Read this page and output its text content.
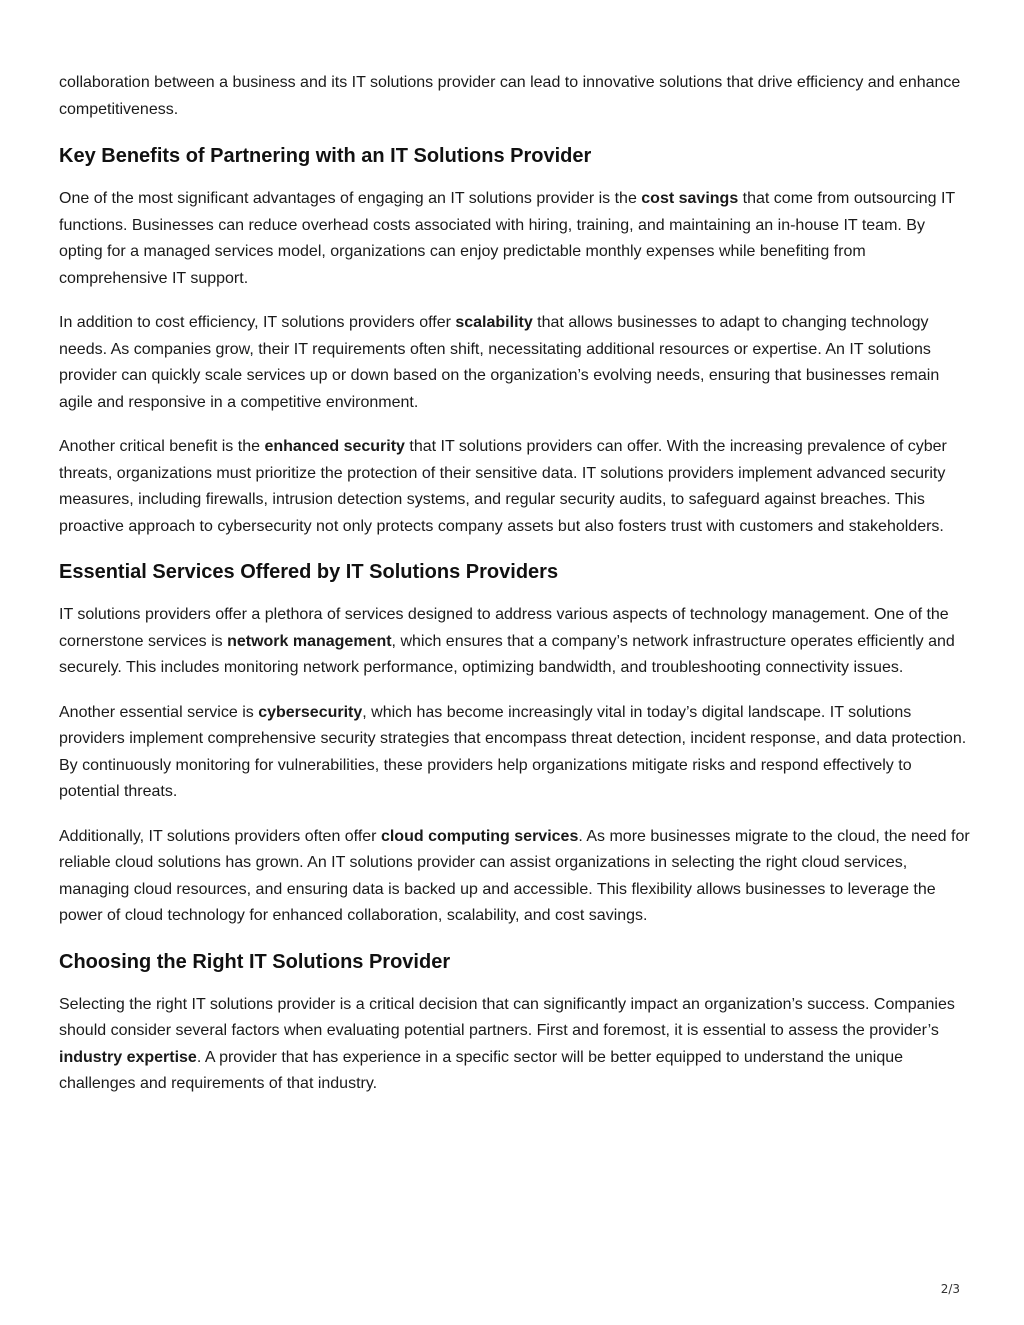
collaboration between a business and its IT solutions provider can lead to innovative solutions that drive efficiency and enhance competitiveness.

Key Benefits of Partnering with an IT Solutions Provider

One of the most significant advantages of engaging an IT solutions provider is the cost savings that come from outsourcing IT functions. Businesses can reduce overhead costs associated with hiring, training, and maintaining an in-house IT team. By opting for a managed services model, organizations can enjoy predictable monthly expenses while benefiting from comprehensive IT support.

In addition to cost efficiency, IT solutions providers offer scalability that allows businesses to adapt to changing technology needs. As companies grow, their IT requirements often shift, necessitating additional resources or expertise. An IT solutions provider can quickly scale services up or down based on the organization’s evolving needs, ensuring that businesses remain agile and responsive in a competitive environment.

Another critical benefit is the enhanced security that IT solutions providers can offer. With the increasing prevalence of cyber threats, organizations must prioritize the protection of their sensitive data. IT solutions providers implement advanced security measures, including firewalls, intrusion detection systems, and regular security audits, to safeguard against breaches. This proactive approach to cybersecurity not only protects company assets but also fosters trust with customers and stakeholders.

Essential Services Offered by IT Solutions Providers

IT solutions providers offer a plethora of services designed to address various aspects of technology management. One of the cornerstone services is network management, which ensures that a company’s network infrastructure operates efficiently and securely. This includes monitoring network performance, optimizing bandwidth, and troubleshooting connectivity issues.

Another essential service is cybersecurity, which has become increasingly vital in today’s digital landscape. IT solutions providers implement comprehensive security strategies that encompass threat detection, incident response, and data protection. By continuously monitoring for vulnerabilities, these providers help organizations mitigate risks and respond effectively to potential threats.

Additionally, IT solutions providers often offer cloud computing services. As more businesses migrate to the cloud, the need for reliable cloud solutions has grown. An IT solutions provider can assist organizations in selecting the right cloud services, managing cloud resources, and ensuring data is backed up and accessible. This flexibility allows businesses to leverage the power of cloud technology for enhanced collaboration, scalability, and cost savings.

Choosing the Right IT Solutions Provider

Selecting the right IT solutions provider is a critical decision that can significantly impact an organization’s success. Companies should consider several factors when evaluating potential partners. First and foremost, it is essential to assess the provider’s industry expertise. A provider that has experience in a specific sector will be better equipped to understand the unique challenges and requirements of that industry.

2/3
